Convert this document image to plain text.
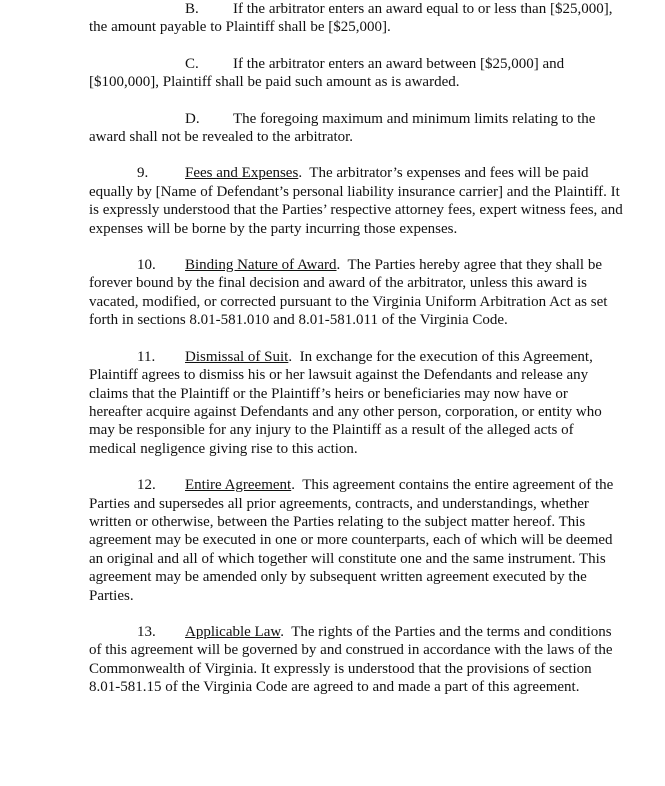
B. If the arbitrator enters an award equal to or less than [$25,000], the amount payable to Plaintiff shall be [$25,000].

C. If the arbitrator enters an award between [$25,000] and [$100,000], Plaintiff shall be paid such amount as is awarded.

D. The foregoing maximum and minimum limits relating to the award shall not be revealed to the arbitrator.

9. Fees and Expenses.  The arbitrator’s expenses and fees will be paid equally by [Name of Defendant’s personal liability insurance carrier] and the Plaintiff. It is expressly understood that the Parties’ respective attorney fees, expert witness fees, and expenses will be borne by the party incurring those expenses.

10. Binding Nature of Award.  The Parties hereby agree that they shall be forever bound by the final decision and award of the arbitrator, unless this award is vacated, modified, or corrected pursuant to the Virginia Uniform Arbitration Act as set forth in sections 8.01-581.010 and 8.01-581.011 of the Virginia Code.

11. Dismissal of Suit.  In exchange for the execution of this Agreement, Plaintiff agrees to dismiss his or her lawsuit against the Defendants and release any claims that the Plaintiff or the Plaintiff’s heirs or beneficiaries may now have or hereafter acquire against Defendants and any other person, corporation, or entity who may be responsible for any injury to the Plaintiff as a result of the alleged acts of medical negligence giving rise to this action.

12. Entire Agreement.  This agreement contains the entire agreement of the Parties and supersedes all prior agreements, contracts, and understandings, whether written or otherwise, between the Parties relating to the subject matter hereof. This agreement may be executed in one or more counterparts, each of which will be deemed an original and all of which together will constitute one and the same instrument. This agreement may be amended only by subsequent written agreement executed by the Parties.

13. Applicable Law.  The rights of the Parties and the terms and conditions of this agreement will be governed by and construed in accordance with the laws of the Commonwealth of Virginia. It expressly is understood that the provisions of section 8.01-581.15 of the Virginia Code are agreed to and made a part of this agreement.
